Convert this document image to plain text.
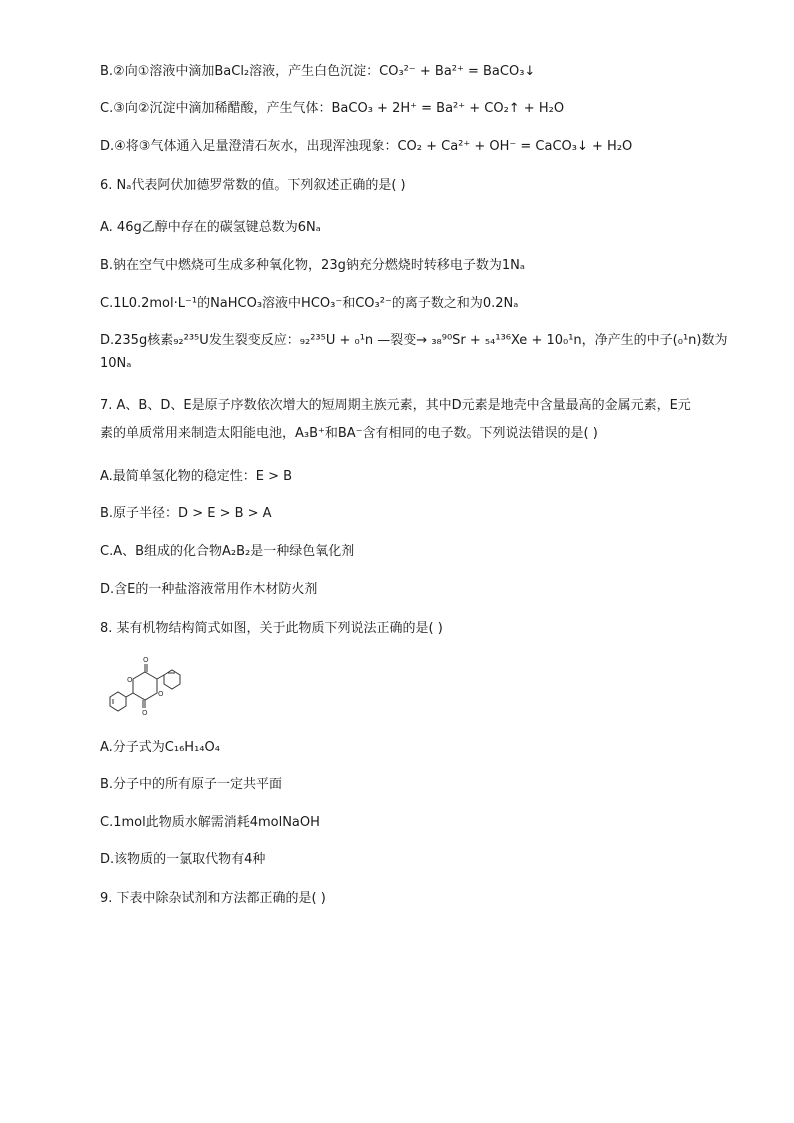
B.②向①溶液中滴加BaCl₂溶液，产生白色沉淀：CO₃²⁻ + Ba²⁺ = BaCO₃↓
C.③向②沉淀中滴加稀醋酸，产生气体：BaCO₃ + 2H⁺ = Ba²⁺ + CO₂↑ + H₂O
D.④将③气体通入足量澄清石灰水，出现浑浊现象：CO₂ + Ca²⁺ + OH⁻ = CaCO₃↓ + H₂O
6. Nₐ代表阿伏加德罗常数的值。下列叙述正确的是( )
A. 46g乙醇中存在的碳氢键总数为6Nₐ
B.钠在空气中燃烧可生成多种氧化物，23g钠充分燃烧时转移电子数为1Nₐ
C.1L0.2mol·L⁻¹的NaHCO₃溶液中HCO₃⁻和CO₃²⁻的离子数之和为0.2Nₐ
D.235g核素₉₂²³⁵U发生裂变反应：₉₂²³⁵U + ₀¹n —裂变→ ₃₈⁹⁰Sr + ₅₄¹³⁶Xe + 10₀¹n，净产生的中子(₀¹n)数为
10Nₐ
7. A、B、D、E是原子序数依次增大的短周期主族元素，其中D元素是地壳中含量最高的金属元素，E元素的单质常用来制造太阳能电池，A₃B⁺和BA⁻含有相同的电子数。下列说法错误的是( )
A.最简单氢化物的稳定性：E > B
B.原子半径：D > E > B > A
C.A、B组成的化合物A₂B₂是一种绿色氧化剂
D.含E的一种盐溶液常用作木材防火剂
8. 某有机物结构简式如图，关于此物质下列说法正确的是( )
O
O
O
O
A.分子式为C₁₆H₁₄O₄
B.分子中的所有原子一定共平面
C.1mol此物质水解需消耗4molNaOH
D.该物质的一氯取代物有4种
9. 下表中除杂试剂和方法都正确的是( )
